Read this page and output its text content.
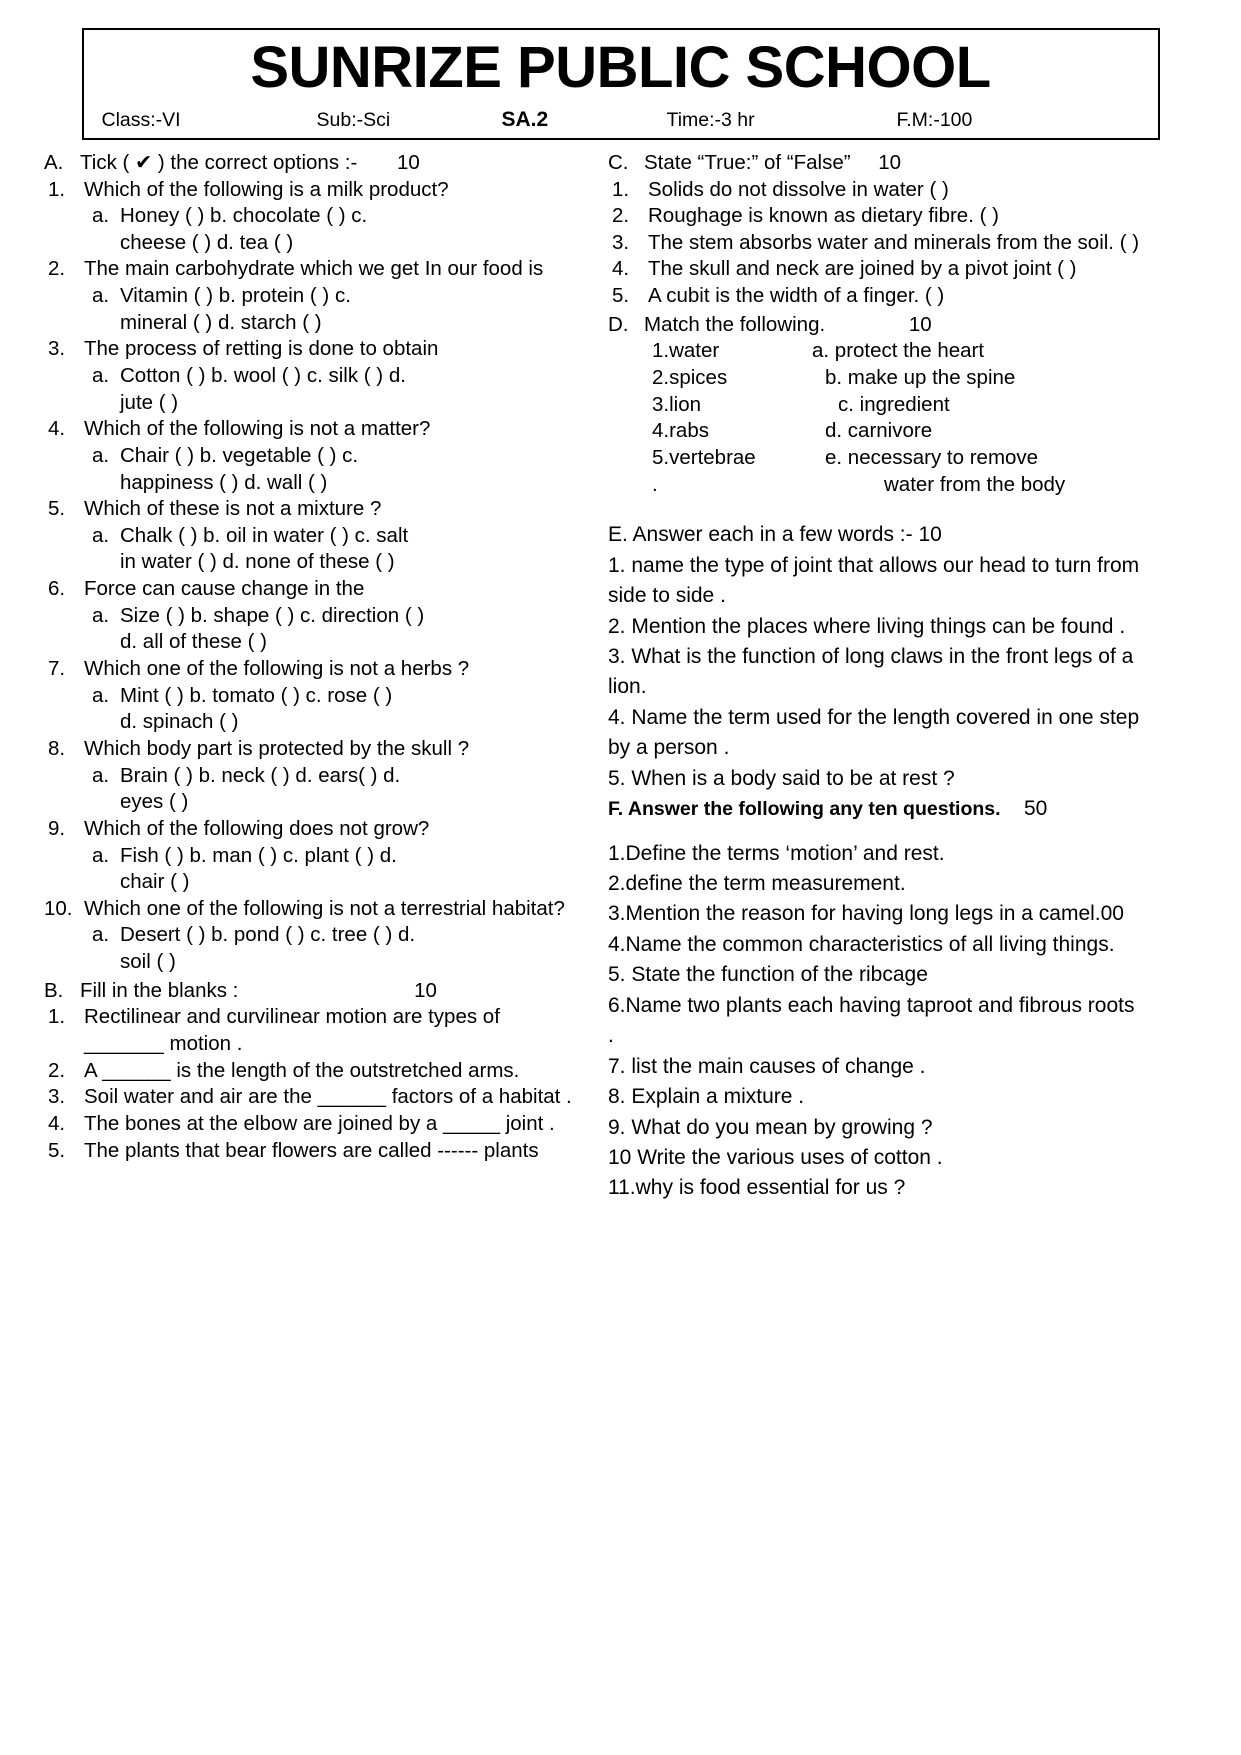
SUNRIZE PUBLIC SCHOOL
Class:-VI	Sub:-Sci	SA.2	Time:-3 hr	F.M:-100
A. Tick ( ✔ ) the correct options :- 10
1. Which of the following is a milk product?
a. Honey ( ) b. chocolate ( ) c.
cheese ( ) d. tea ( )
2. The main carbohydrate which we get In our food is
a. Vitamin ( ) b. protein ( ) c.
mineral ( ) d. starch ( )
3. The process of retting is done to obtain
a. Cotton ( ) b. wool ( ) c. silk ( ) d.
jute ( )
4. Which of the following is not a matter?
a. Chair ( ) b. vegetable ( ) c.
happiness ( ) d. wall ( )
5. Which of these is not a mixture ?
a. Chalk ( ) b. oil in water ( ) c. salt
in water ( ) d. none of these ( )
6. Force can cause change in the
a. Size ( ) b. shape ( ) c. direction ( )
d. all of these ( )
7. Which one of the following is not a herbs ?
a. Mint ( ) b. tomato ( ) c. rose ( )
d. spinach ( )
8. Which body part is protected by the skull ?
a. Brain ( ) b. neck ( ) d. ears( ) d.
eyes ( )
9. Which of the following does not grow?
a. Fish ( ) b. man ( ) c. plant ( ) d.
chair ( )
10. Which one of the following is not a terrestrial habitat?
a. Desert ( ) b. pond ( ) c. tree ( ) d.
soil ( )
B. Fill in the blanks :	10
1. Rectilinear and curvilinear motion are types of _______ motion .
2. A ______ is the length of the outstretched arms.
3. Soil water and air are the ______ factors of a habitat .
4. The bones at the elbow are joined by a _____ joint .
5. The plants that bear flowers are called ------ plants
C. State “True:” of “False” 10
1. Solids do not dissolve in water ( )
2. Roughage is known as dietary fibre. ( )
3. The stem absorbs water and minerals from the soil. ( )
4. The skull and neck are joined by a pivot joint ( )
5. A cubit is the width of a finger. ( )
D. Match the following.	10
1.water	a. protect the heart
2.spices	b. make up the spine
3.lion	c. ingredient
4.rabs	d. carnivore
5.vertebrae	e. necessary to remove
.	water from the body

E. Answer each in a few words :- 10

1. name the type of joint that allows our head to turn from side to side .

2. Mention the places where living things can be found .

3. What is the function of long claws in the front legs of a lion.

4. Name the term used for the length covered in one step by a person .

5. When is a body said to be at rest ?

F. Answer the following any ten questions. 50

1.Define the terms ‘motion’ and rest.

2.define the term measurement.

3.Mention the reason for having long legs in a camel.00

4.Name the common characteristics of all living things.

5. State the function of the ribcage

6.Name two plants each having taproot and fibrous roots .

7. list the main causes of change .

8. Explain a mixture .

9. What do you mean by growing ?

10 Write the various uses of cotton .

11.why is food essential for us ?
